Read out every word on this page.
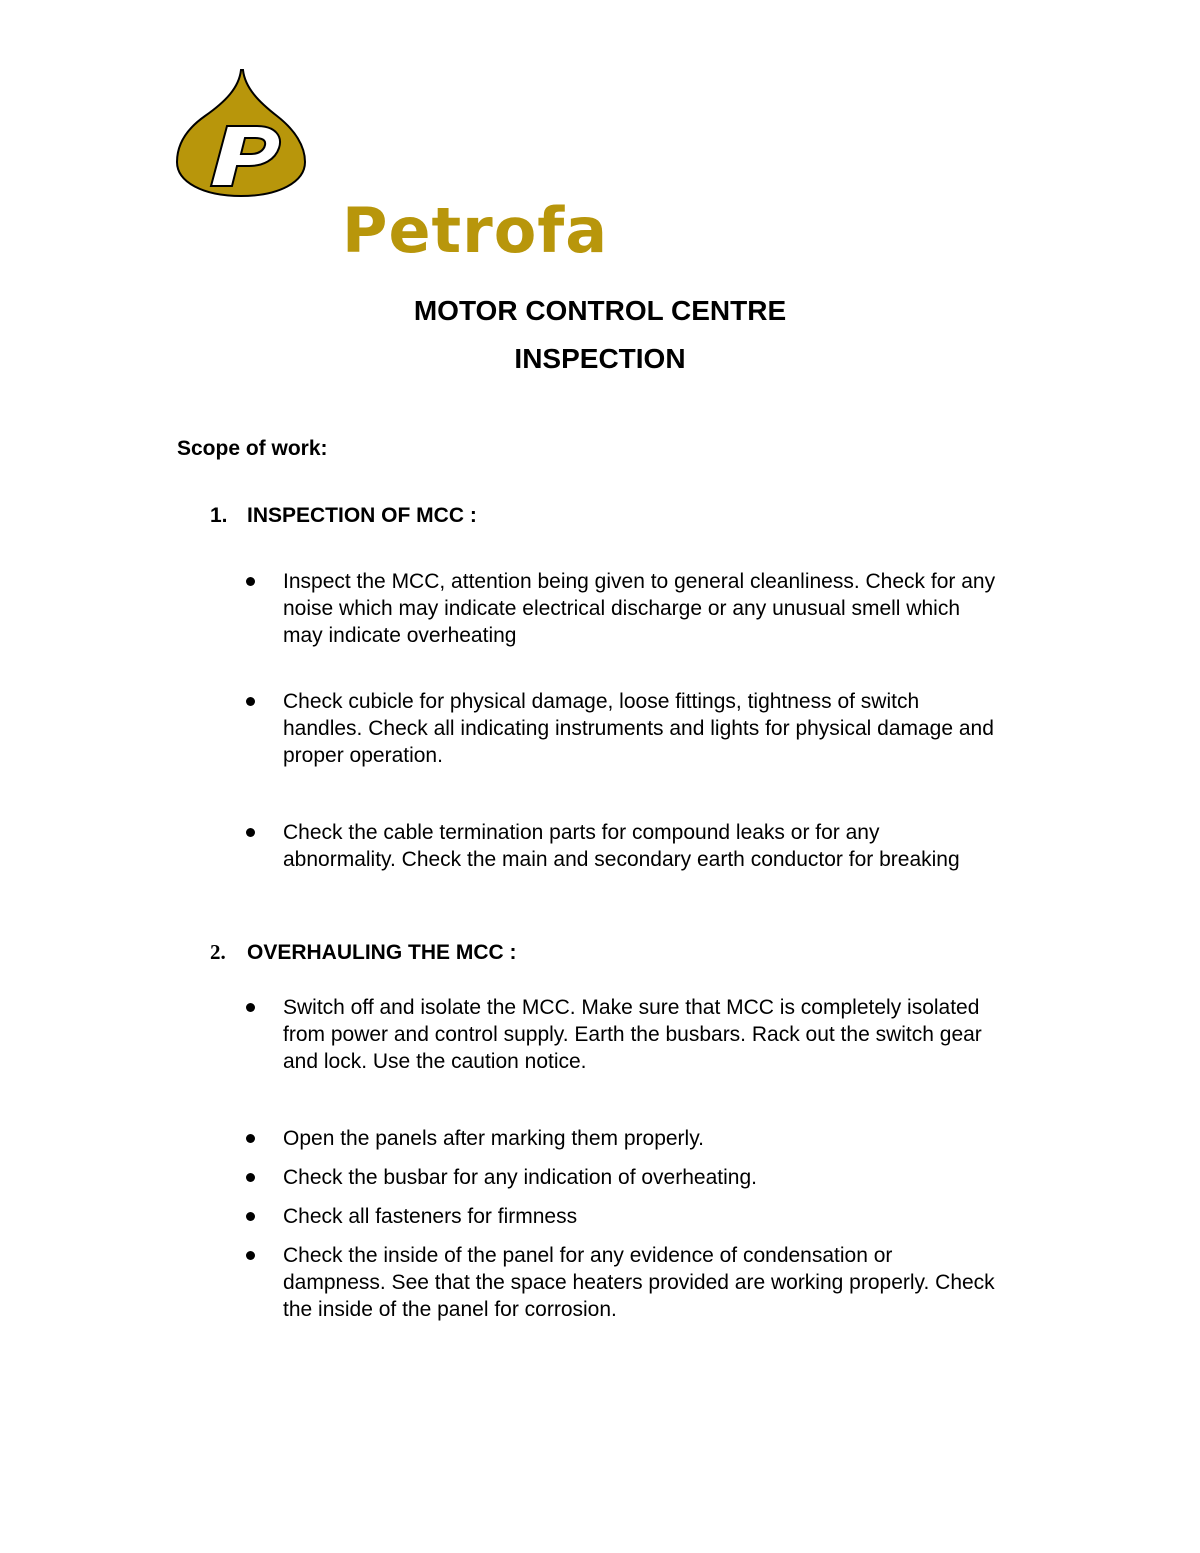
Petrofa
MOTOR CONTROL CENTRE
INSPECTION
Scope of work:
1. INSPECTION OF MCC :
Inspect the MCC, attention being given to general cleanliness. Check for any noise which may indicate electrical discharge or any unusual smell which may indicate overheating
Check cubicle for physical damage, loose fittings, tightness of switch handles. Check all indicating instruments and lights for physical damage and proper operation.
Check the cable termination parts for compound leaks or for any abnormality. Check the main and secondary earth conductor for breaking
2. OVERHAULING THE MCC :
Switch off and isolate the MCC. Make sure that MCC is completely isolated from power and control supply. Earth the busbars. Rack out the switch gear and lock. Use the caution notice.
Open the panels after marking them properly.
Check the busbar for any indication of overheating.
Check all fasteners for firmness
Check the inside of the panel for any evidence of condensation or dampness. See that the space heaters provided are working properly. Check the inside of the panel for corrosion.
